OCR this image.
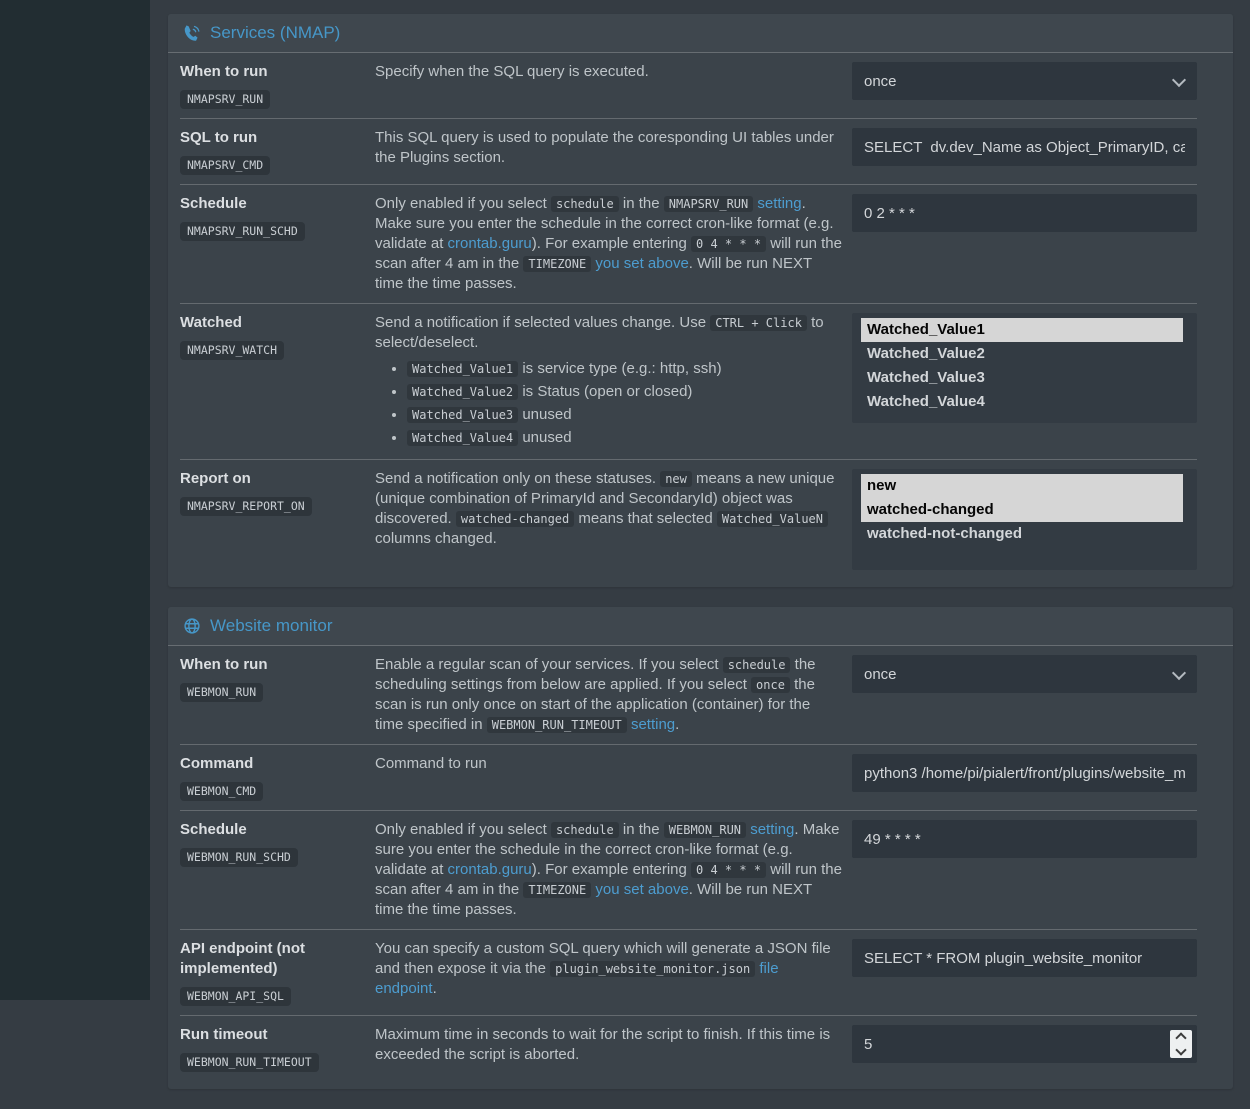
Services (NMAP)
When to run
NMAPSRV_RUN

Specify when the SQL query is executed.

once
SQL to run
NMAPSRV_CMD

This SQL query is used to populate the coresponding UI tables under the Plugins section.

SELECT dv.dev_Name as Object_PrimaryID, cast({s-quo
Schedule
NMAPSRV_RUN_SCHD

Only enabled if you select schedule in the NMAPSRV_RUN setting. Make sure you enter the schedule in the correct cron-like format (e.g. validate at crontab.guru). For example entering 0 4 * * * will run the scan after 4 am in the TIMEZONE you set above. Will be run NEXT time the time passes.

0 2 * * *
Watched
NMAPSRV_WATCH

Send a notification if selected values change. Use CTRL + Click to select/deselect.

• Watched_Value1 is service type (e.g.: http, ssh)
• Watched_Value2 is Status (open or closed)
• Watched_Value3 unused
• Watched_Value4 unused
Watched_Value1
Watched_Value2
Watched_Value3
Watched_Value4
Report on
NMAPSRV_REPORT_ON

Send a notification only on these statuses. new means a new unique (unique combination of PrimaryId and SecondaryId) object was discovered. watched-changed means that selected Watched_ValueN columns changed.

new
watched-changed
watched-not-changed
Website monitor
When to run
WEBMON_RUN

Enable a regular scan of your services. If you select schedule the scheduling settings from below are applied. If you select once the scan is run only once on start of the application (container) for the time specified in WEBMON_RUN_TIMEOUT setting.

once
Command
WEBMON_CMD

Command to run

python3 /home/pi/pialert/front/plugins/website_monit
Schedule
WEBMON_RUN_SCHD

Only enabled if you select schedule in the WEBMON_RUN setting. Make sure you enter the schedule in the correct cron-like format (e.g. validate at crontab.guru). For example entering 0 4 * * * will run the scan after 4 am in the TIMEZONE you set above. Will be run NEXT time the time passes.

49 * * * *
API endpoint (not implemented)
WEBMON_API_SQL

You can specify a custom SQL query which will generate a JSON file and then expose it via the plugin_website_monitor.json file endpoint.

SELECT * FROM plugin_website_monitor
Run timeout
WEBMON_RUN_TIMEOUT

Maximum time in seconds to wait for the script to finish. If this time is exceeded the script is aborted.

5
